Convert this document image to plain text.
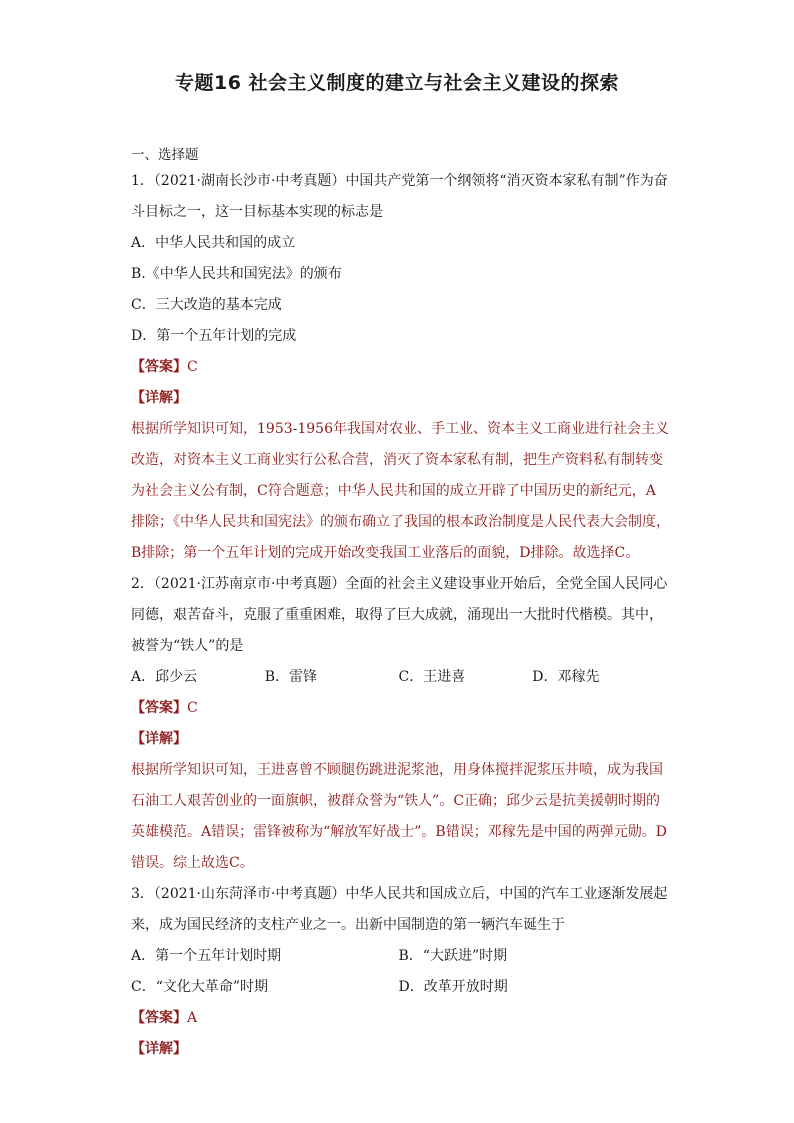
专题16 社会主义制度的建立与社会主义建设的探索
一、选择题
1．（2021·湖南长沙市·中考真题）中国共产党第一个纲领将“消灭资本家私有制”作为奋
斗目标之一，这一目标基本实现的标志是
A．中华人民共和国的成立
B.《中华人民共和国宪法》的颁布
C．三大改造的基本完成
D．第一个五年计划的完成
【答案】C
【详解】
根据所学知识可知，1953-1956年我国对农业、手工业、资本主义工商业进行社会主义
改造，对资本主义工商业实行公私合营，消灭了资本家私有制，把生产资料私有制转变
为社会主义公有制，C符合题意；中华人民共和国的成立开辟了中国历史的新纪元，A
排除；《中华人民共和国宪法》的颁布确立了我国的根本政治制度是人民代表大会制度，
B排除；第一个五年计划的完成开始改变我国工业落后的面貌，D排除。故选择C。
2．（2021·江苏南京市·中考真题）全面的社会主义建设事业开始后，全党全国人民同心
同德，艰苦奋斗，克服了重重困难，取得了巨大成就，涌现出一大批时代楷模。其中，
被誉为“铁人”的是
A．邱少云	B．雷锋	C．王进喜	D．邓稼先
【答案】C
【详解】
根据所学知识可知，王进喜曾不顾腿伤跳进泥浆池，用身体搅拌泥浆压井喷，成为我国
石油工人艰苦创业的一面旗帜，被群众誉为“铁人”。C正确；邱少云是抗美援朝时期的
英雄模范。A错误；雷锋被称为“解放军好战士”。B错误；邓稼先是中国的两弹元勋。D
错误。综上故选C。
3．（2021·山东菏泽市·中考真题）中华人民共和国成立后，中国的汽车工业逐渐发展起
来，成为国民经济的支柱产业之一。出新中国制造的第一辆汽车诞生于
A．第一个五年计划时期	B．“大跃进”时期
C．“文化大革命”时期	D．改革开放时期
【答案】A
【详解】
